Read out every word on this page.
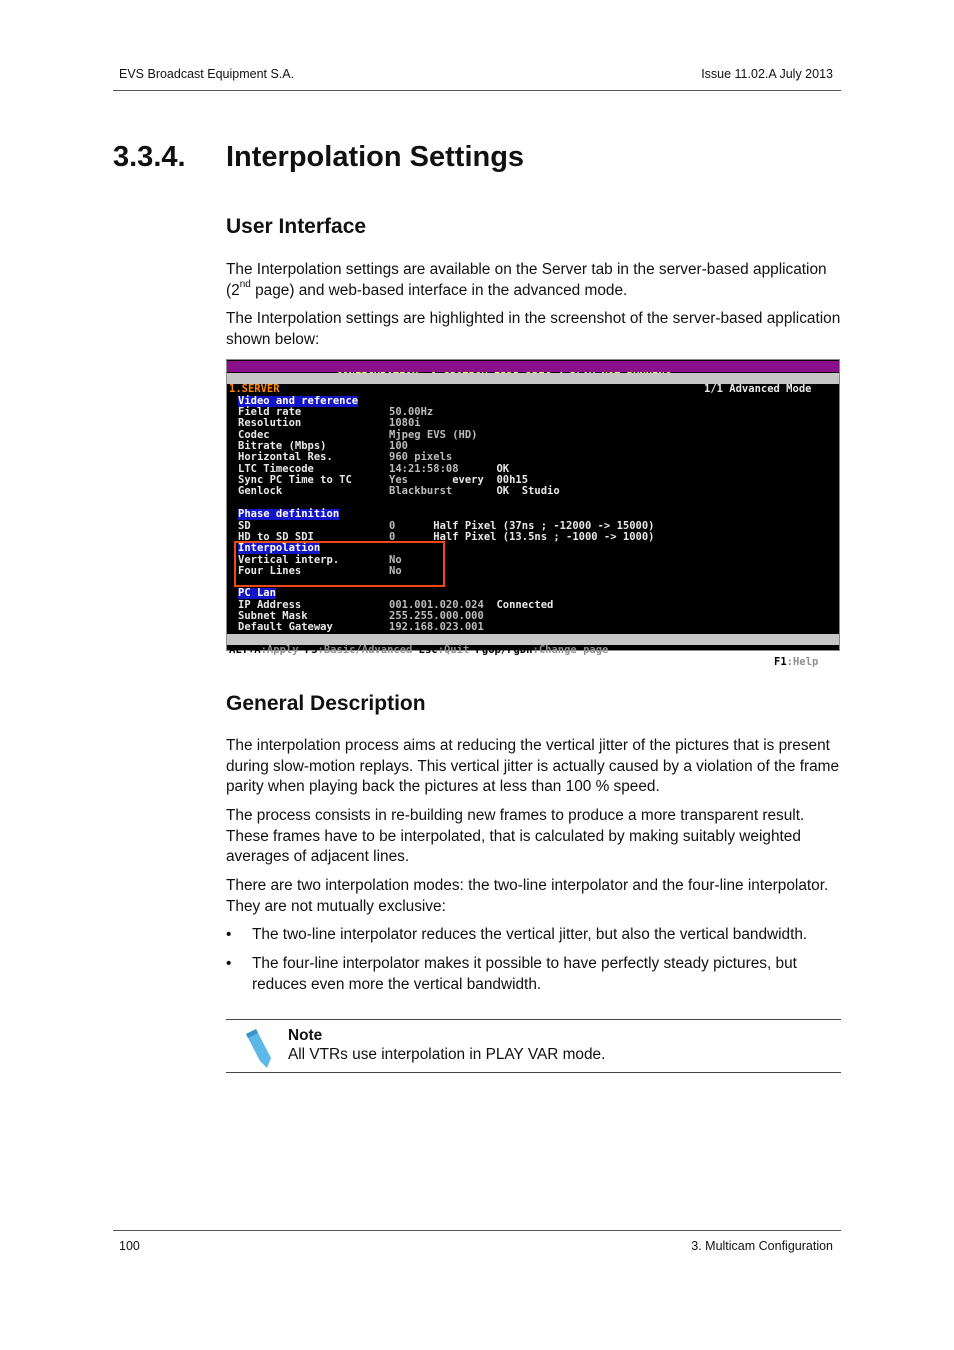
EVS Broadcast Equipment S.A.	Issue 11.02.A July 2013
3.3.4. Interpolation Settings
User Interface

The Interpolation settings are available on the Server tab in the server-based application (2nd page) and web-based interface in the advanced mode.

The Interpolation settings are highlighted in the screenshot of the server-based application shown below:

1.SERVER 2.CHANNELS 3.NETWORK 4.MONITORING 5.PROTOCOL 6.GPI 7.OPERATION

1/1 Advanced Mode
Video and reference
Field rate	50.00Hz
Resolution	1080i
Codec	Mjpeg EVS (HD)
Bitrate (Mbps)	100
Horizontal Res.	960 pixels
LTC Timecode	14:21:58:08 OK
Sync PC Time to TC	Yes every  00h15
Genlock	Blackburst OK  Studio
Phase definition
SD	0 Half Pixel (37ns ; -12000 -> 15000)
HD to SD SDI	0 Half Pixel (13.5ns ; -1000 -> 1000)
Interpolation
Vertical interp.	No
Four Lines	No
PC Lan
IP Address	001.001.020.024 Connected
Subnet Mask	255.255.000.000
Default Gateway	192.168.023.001

ALT+A:Apply F3:Basic/Advanced Esc:Quit PgUp/PgDn:Change page

F1:Help

General Description

The interpolation process aims at reducing the vertical jitter of the pictures that is present during slow-motion replays. This vertical jitter is actually caused by a violation of the frame parity when playing back the pictures at less than 100 % speed.

The process consists in re-building new frames to produce a more transparent result. These frames have to be interpolated, that is calculated by making suitably weighted averages of adjacent lines.

There are two interpolation modes: the two-line interpolator and the four-line interpolator. They are not mutually exclusive:

• The two-line interpolator reduces the vertical jitter, but also the vertical bandwidth.
• The four-line interpolator makes it possible to have perfectly steady pictures, but reduces even more the vertical bandwidth.
Note
All VTRs use interpolation in PLAY VAR mode.
100	3. Multicam Configuration
